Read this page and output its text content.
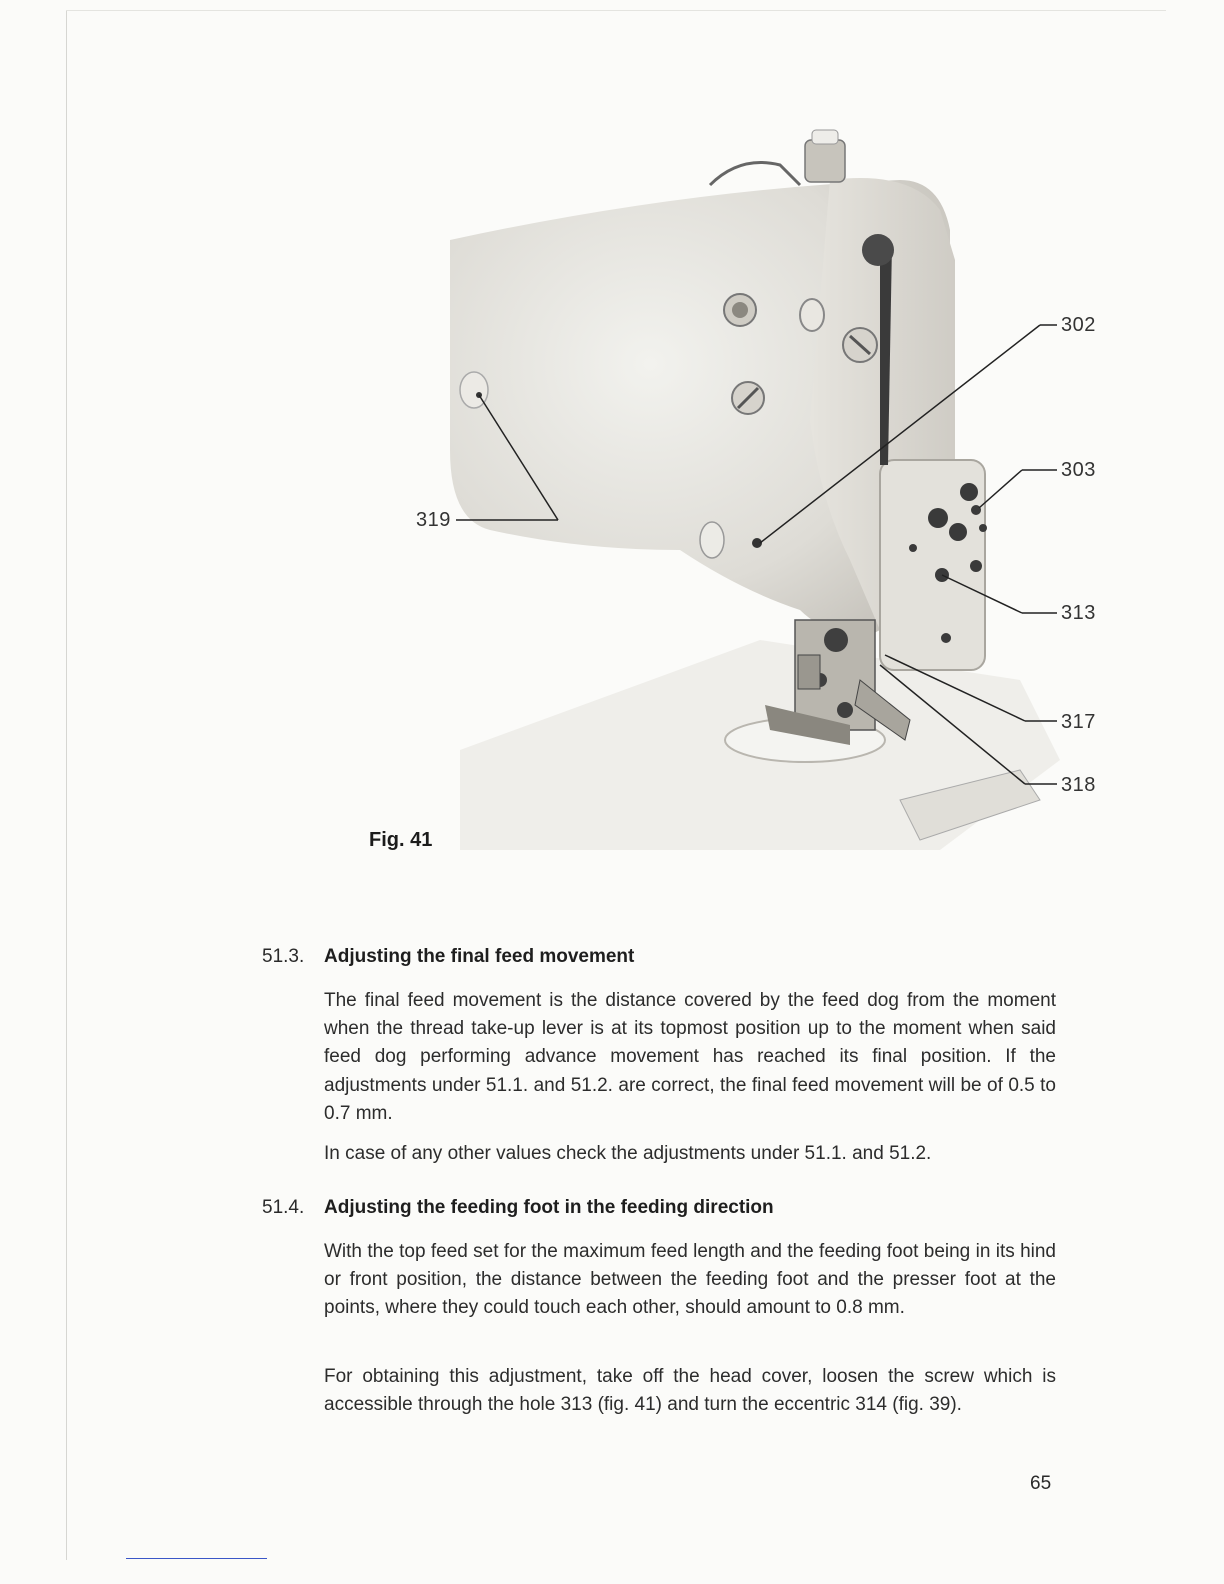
302
303
313
317
318
319
Fig. 41
51.3. Adjusting the final feed movement

The final feed movement is the distance covered by the feed dog from the moment when the thread take-up lever is at its topmost position up to the moment when said feed dog performing advance movement has reached its final position. If the adjustments under 51.1. and 51.2. are correct, the final feed movement will be of 0.5 to 0.7 mm.

In case of any other values check the adjustments under 51.1. and 51.2.

51.4. Adjusting the feeding foot in the feeding direction

With the top feed set for the maximum feed length and the feeding foot being in its hind or front position, the distance between the feeding foot and the presser foot at the points, where they could touch each other, should amount to 0.8 mm.

For obtaining this adjustment, take off the head cover, loosen the screw which is accessible through the hole 313 (fig. 41) and turn the eccentric 314 (fig. 39).

65
